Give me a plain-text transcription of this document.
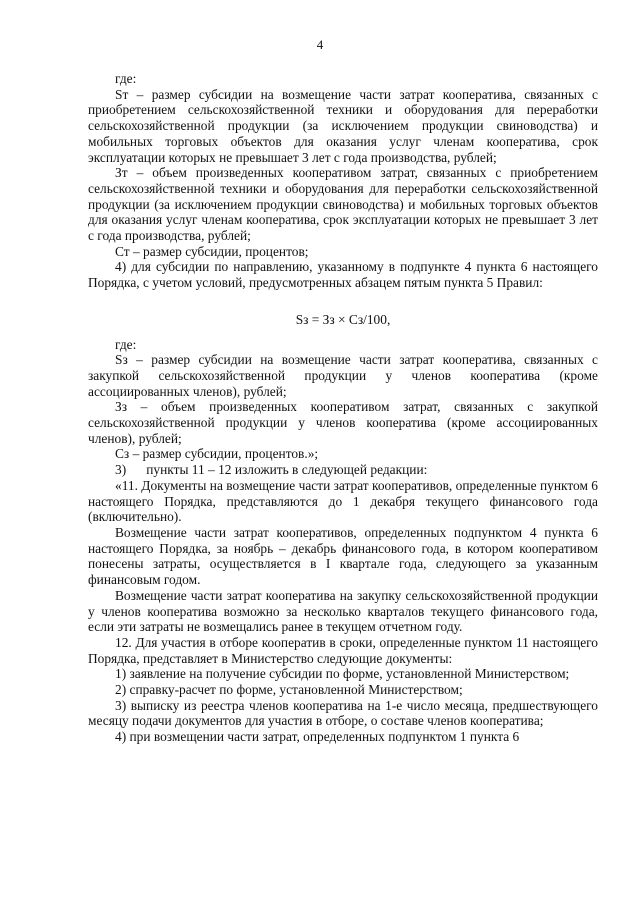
4

где:

Sт – размер субсидии на возмещение части затрат кооператива, связанных с приобретением сельскохозяйственной техники и оборудования для переработки сельскохозяйственной продукции (за исключением продукции свиноводства) и мобильных торговых объектов для оказания услуг членам кооператива, срок эксплуатации которых не превышает 3 лет с года производства, рублей;

Зт – объем произведенных кооперативом затрат, связанных с приобретением сельскохозяйственной техники и оборудования для переработки сельскохозяйственной продукции (за исключением продукции свиноводства) и мобильных торговых объектов для оказания услуг членам кооператива, срок эксплуатации которых не превышает 3 лет с года производства, рублей;

Ст – размер субсидии, процентов;

4) для субсидии по направлению, указанному в подпункте 4 пункта 6 настоящего Порядка, с учетом условий, предусмотренных абзацем пятым пункта 5 Правил:

Sз = Зз × Сз/100,

где:

Sз – размер субсидии на возмещение части затрат кооператива, связанных с закупкой сельскохозяйственной продукции у членов кооператива (кроме ассоциированных членов), рублей;

Зз – объем произведенных кооперативом затрат, связанных с закупкой сельскохозяйственной продукции у членов кооператива (кроме ассоциированных членов), рублей;

Сз – размер субсидии, процентов.»;

3)      пункты 11 – 12 изложить в следующей редакции:

«11. Документы на возмещение части затрат кооперативов, определенные пунктом 6 настоящего Порядка, представляются до 1 декабря текущего финансового года (включительно).

Возмещение части затрат кооперативов, определенных подпунктом 4 пункта 6 настоящего Порядка, за ноябрь – декабрь финансового года, в котором кооперативом понесены затраты, осуществляется в I квартале года, следующего за указанным финансовым годом.

Возмещение части затрат кооператива на закупку сельскохозяйственной продукции у членов кооператива возможно за несколько кварталов текущего финансового года, если эти затраты не возмещались ранее в текущем отчетном году.

12. Для участия в отборе кооператив в сроки, определенные пунктом 11 настоящего Порядка, представляет в Министерство следующие документы:

1) заявление на получение субсидии по форме, установленной Министерством;

2) справку-расчет по форме, установленной Министерством;

3) выписку из реестра членов кооператива на 1-е число месяца, предшествующего месяцу подачи документов для участия в отборе, о составе членов кооператива;

4) при возмещении части затрат, определенных подпунктом 1 пункта 6
